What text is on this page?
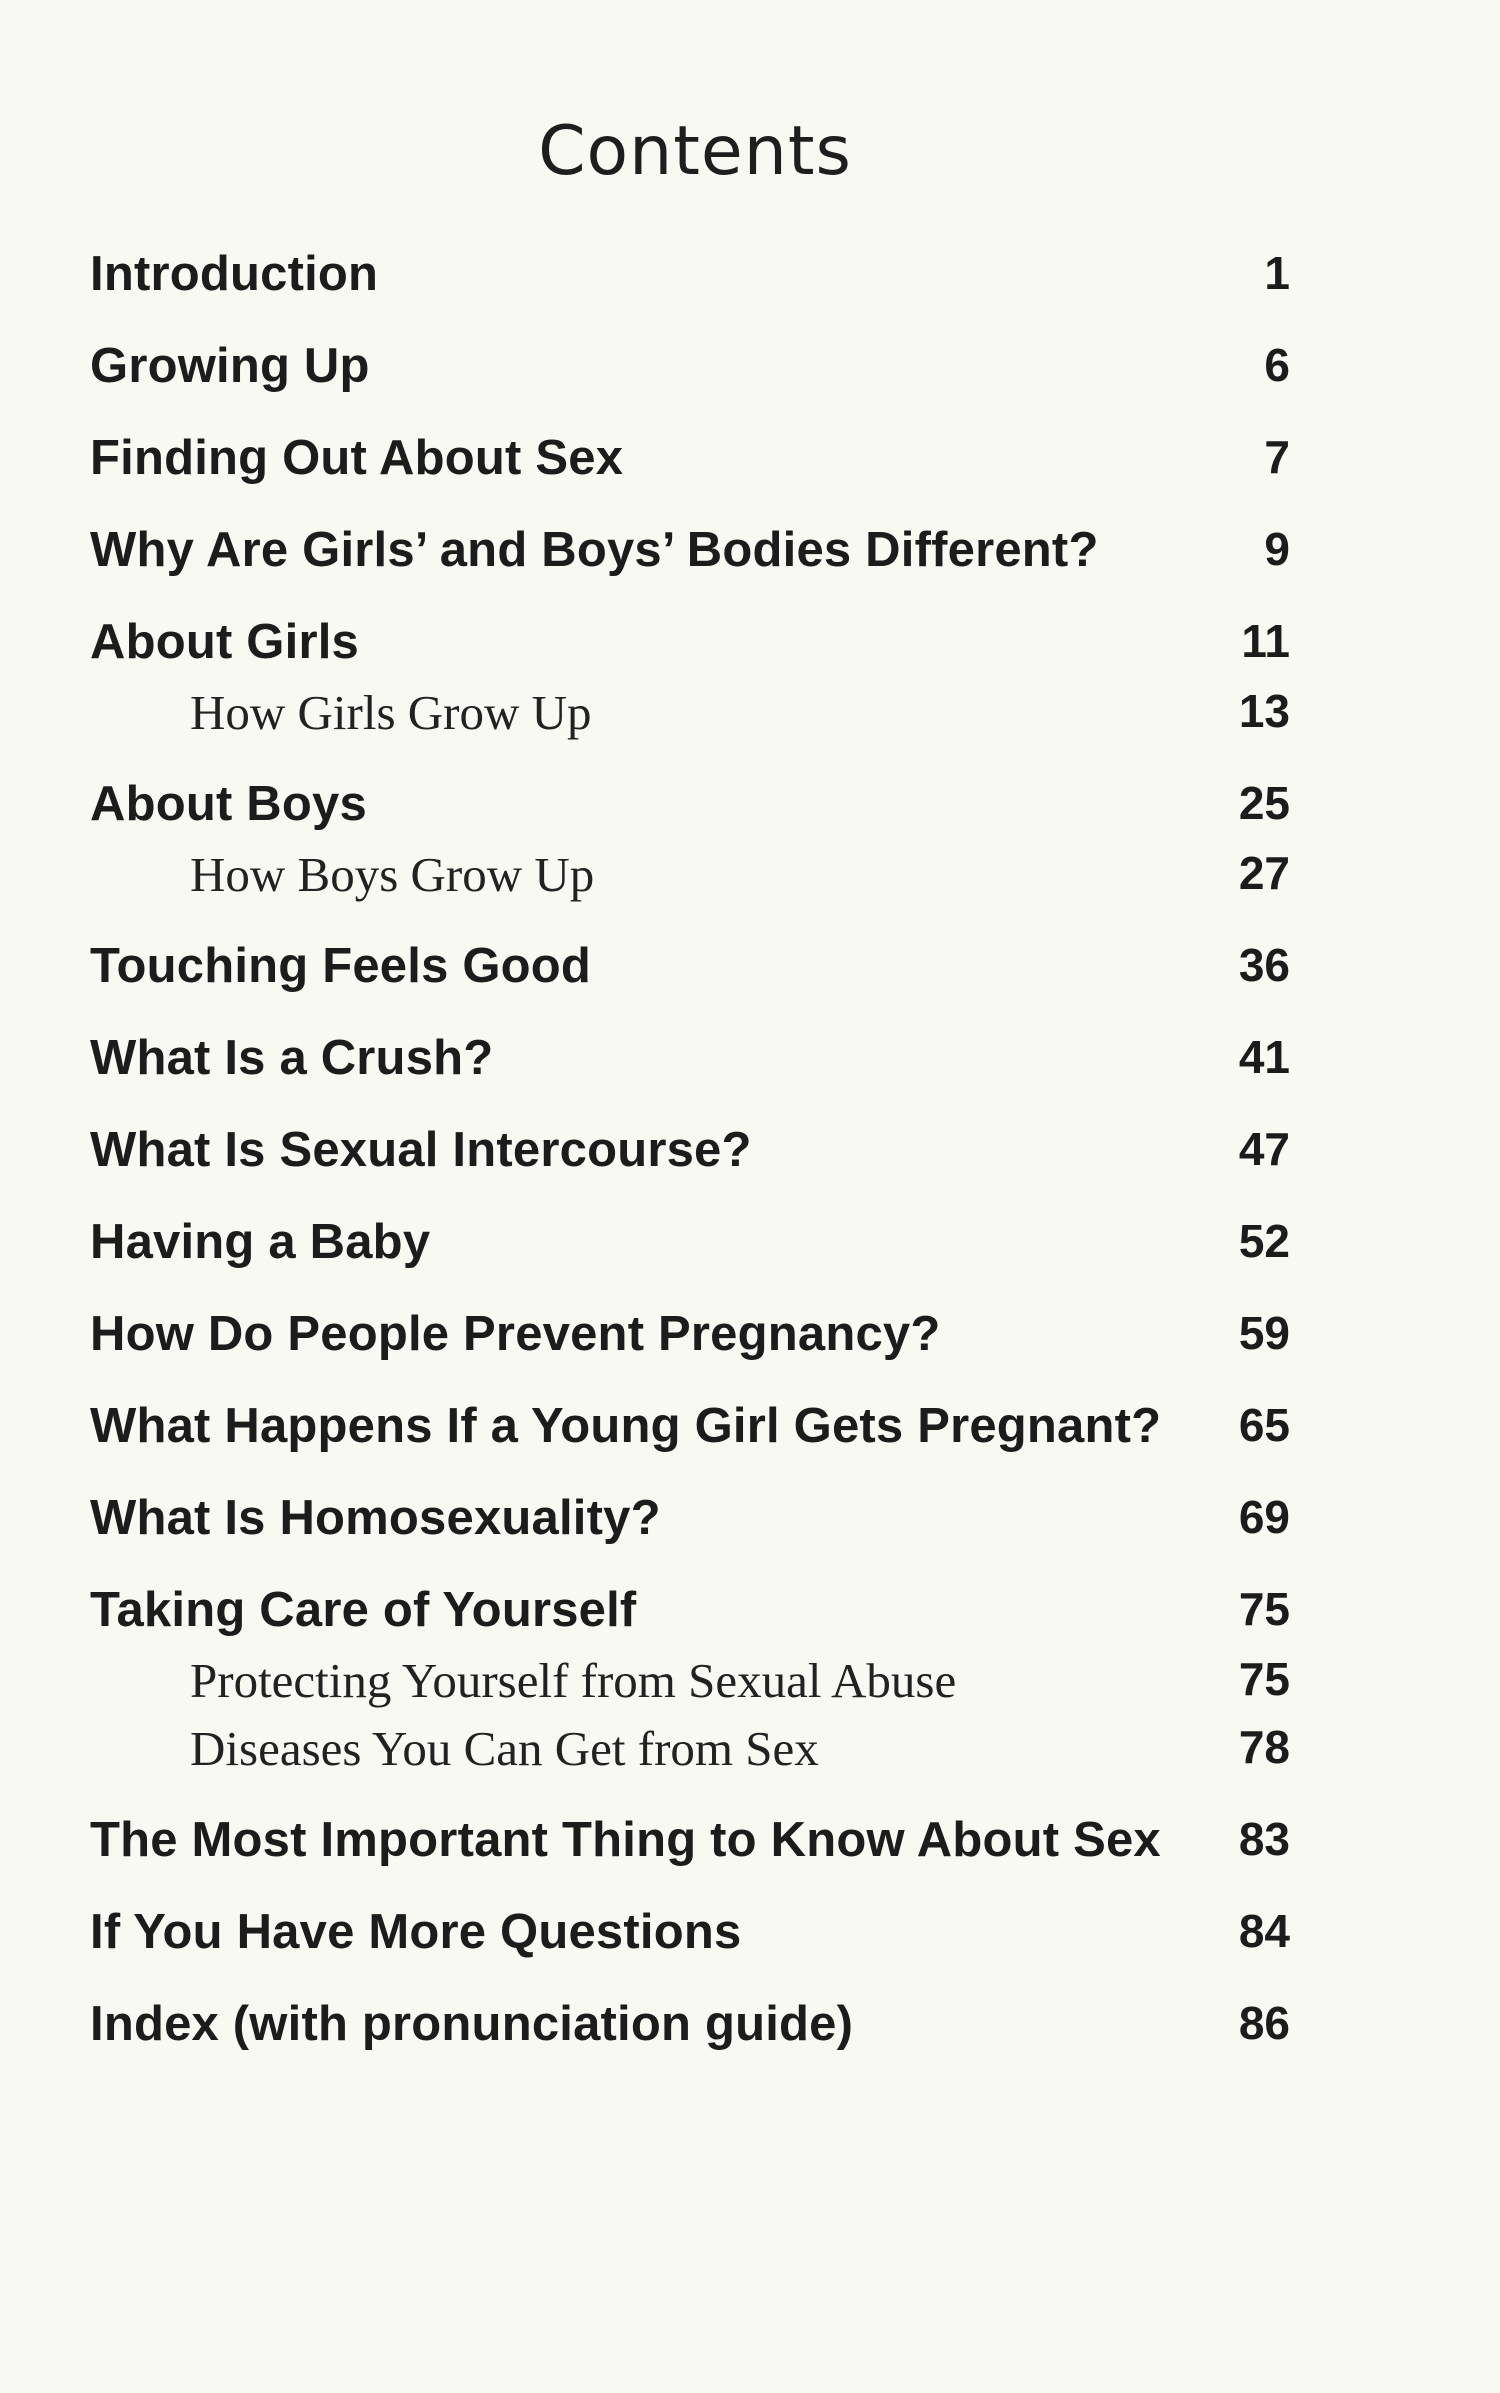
Contents
Introduction	1
Growing Up	6
Finding Out About Sex	7
Why Are Girls’ and Boys’ Bodies Different?	9
About Girls	11
How Girls Grow Up	13
About Boys	25
How Boys Grow Up	27
Touching Feels Good	36
What Is a Crush?	41
What Is Sexual Intercourse?	47
Having a Baby	52
How Do People Prevent Pregnancy?	59
What Happens If a Young Girl Gets Pregnant? 65
What Is Homosexuality?	69
Taking Care of Yourself	75
Protecting Yourself from Sexual Abuse	75
Diseases You Can Get from Sex	78
The Most Important Thing to Know About Sex 83
If You Have More Questions	84
Index (with pronunciation guide)	86
